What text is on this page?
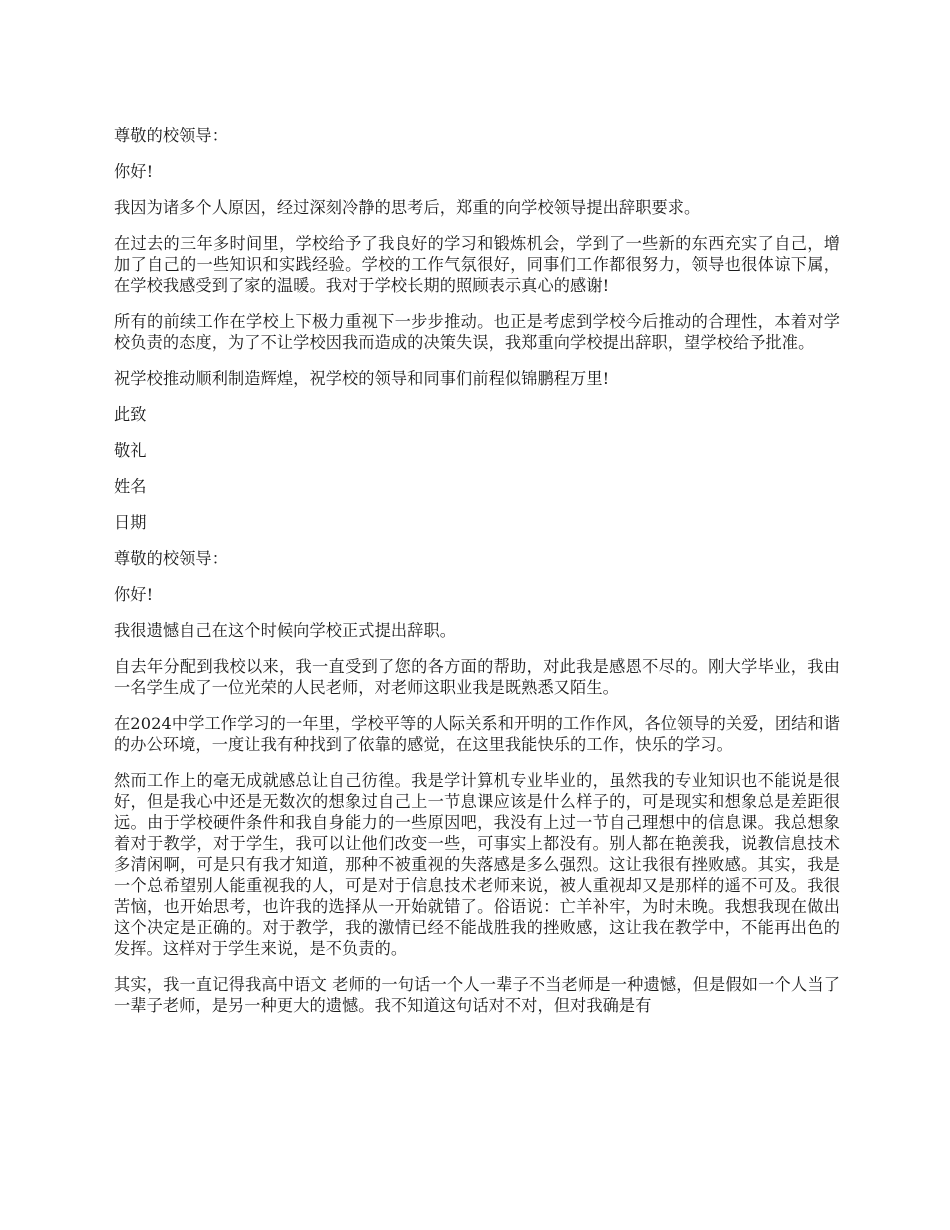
尊敬的校领导：

你好!

我因为诸多个人原因，经过深刻冷静的思考后，郑重的向学校领导提出辞职要求。

在过去的三年多时间里，学校给予了我良好的学习和锻炼机会，学到了一些新的东西充实了自己，增加了自己的一些知识和实践经验。学校的工作气氛很好，同事们工作都很努力，领导也很体谅下属，在学校我感受到了家的温暖。我对于学校长期的照顾表示真心的感谢!

所有的前续工作在学校上下极力重视下一步步推动。也正是考虑到学校今后推动的合理性，本着对学校负责的态度，为了不让学校因我而造成的决策失误，我郑重向学校提出辞职，望学校给予批准。

祝学校推动顺利制造辉煌，祝学校的领导和同事们前程似锦鹏程万里!

此致

敬礼

姓名

日期

尊敬的校领导：

你好!

我很遗憾自己在这个时候向学校正式提出辞职。

自去年分配到我校以来，我一直受到了您的各方面的帮助，对此我是感恩不尽的。刚大学毕业，我由一名学生成了一位光荣的人民老师，对老师这职业我是既熟悉又陌生。

在2024中学工作学习的一年里，学校平等的人际关系和开明的工作作风，各位领导的关爱，团结和谐的办公环境，一度让我有种找到了依靠的感觉，在这里我能快乐的工作，快乐的学习。

然而工作上的毫无成就感总让自己彷徨。我是学计算机专业毕业的，虽然我的专业知识也不能说是很好，但是我心中还是无数次的想象过自己上一节息课应该是什么样子的，可是现实和想象总是差距很远。由于学校硬件条件和我自身能力的一些原因吧，我没有上过一节自己理想中的信息课。我总想象着对于教学，对于学生，我可以让他们改变一些，可事实上都没有。别人都在艳羡我，说教信息技术多清闲啊，可是只有我才知道，那种不被重视的失落感是多么强烈。这让我很有挫败感。其实，我是一个总希望别人能重视我的人，可是对于信息技术老师来说，被人重视却又是那样的遥不可及。我很苦恼，也开始思考，也许我的选择从一开始就错了。俗语说：亡羊补牢，为时未晚。我想我现在做出这个决定是正确的。对于教学，我的激情已经不能战胜我的挫败感，这让我在教学中，不能再出色的发挥。这样对于学生来说，是不负责的。

其实，我一直记得我高中语文 老师的一句话一个人一辈子不当老师是一种遗憾，但是假如一个人当了一辈子老师，是另一种更大的遗憾。我不知道这句话对不对，但对我确是有
